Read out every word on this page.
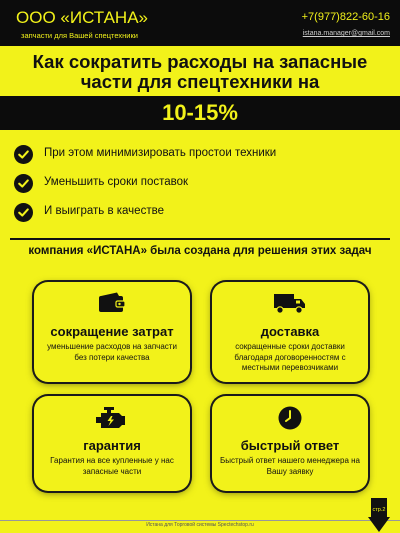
ООО «ИСТАНА»
запчасти для Вашей спецтехники
+7(977)822-60-16
istana.manager@gmail.com
Как сократить расходы на запасные
части для спецтехники на
10-15%
При этом минимизировать простои техники
Уменьшить сроки поставок
И выиграть в качестве
компания «ИСТАНА» была создана для решения этих задач
сокращение затрат
уменьшение расходов на запчасти без потери качества
доставка
сокращенные сроки доставки благодаря договоренностям с местными перевозчиками
гарантия
Гарантия на все купленные у нас запасные части
быстрый ответ
Быстрый ответ нашего менеджера на Вашу заявку
Истана для Торговой системы Spectechstop.ru
стр.2
